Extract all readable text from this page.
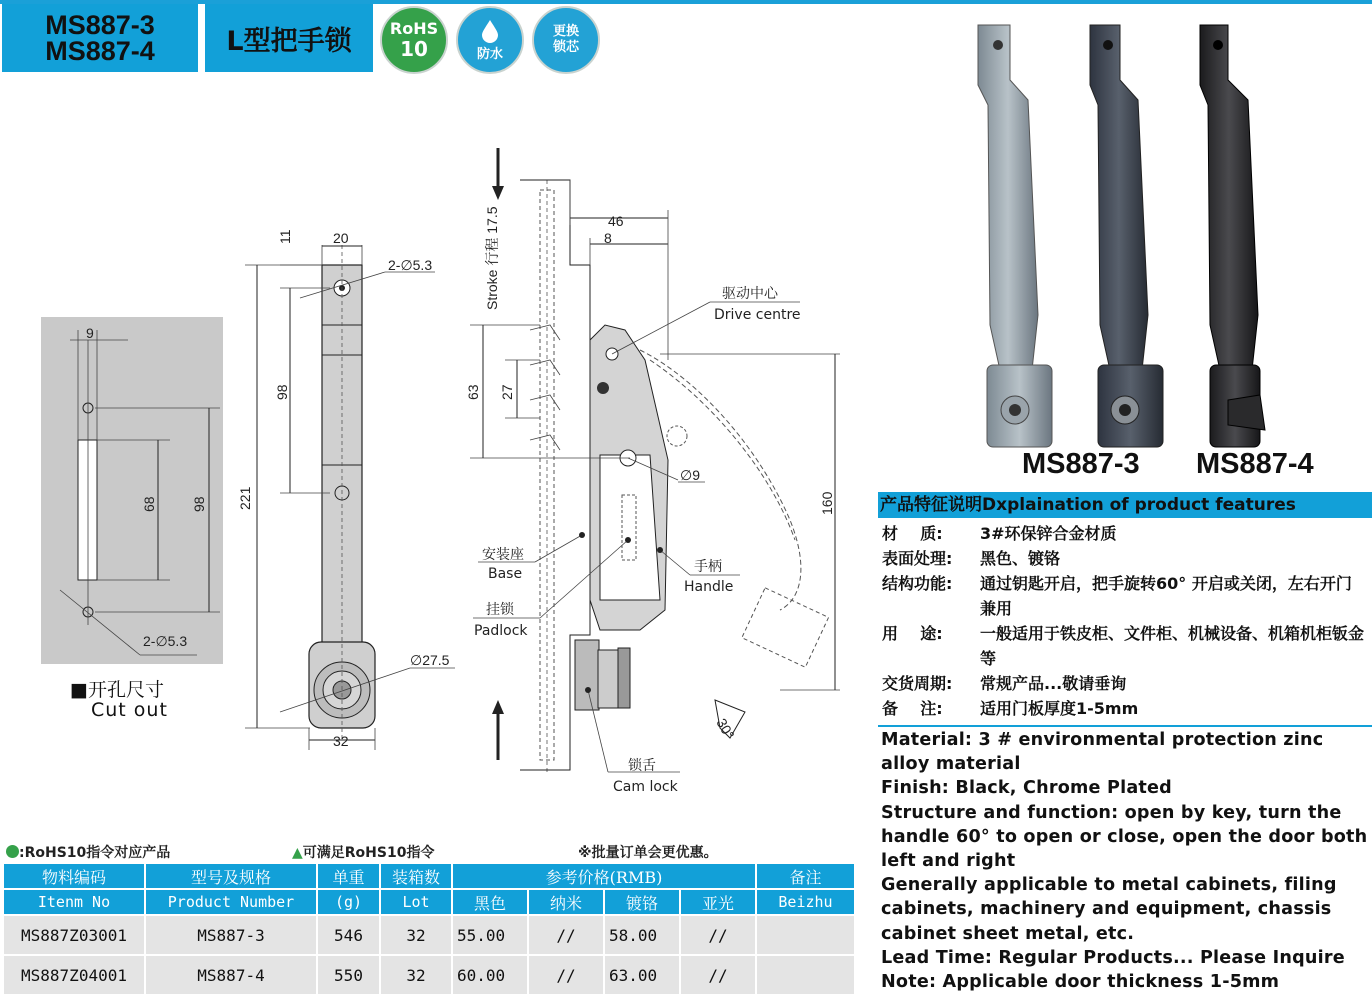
MS887-3
MS887-4	L型把手锁 RoHS
10	防水
更换
锁芯
9
68 98
2-∅5.3
11	20
2-∅5.3
98
221
∅27.5
32
46
8
63 27
Stroke 行程 17.5
160
∅9
30°
驱动中心
Drive centre
安装座
Base
挂锁
Padlock
手柄
Handle
锁舌
Cam lock
■开孔尺寸
Cut out
MS887-3 MS887-4
产品特征说明Dxplaination of product features
材    质:	3#环保锌合金材质
表面处理:	黑色、镀铬
结构功能:	通过钥匙开启，把手旋转60° 开启或关闭，左右开门兼用
用    途:	一般适用于铁皮柜、文件柜、机械设备、机箱机柜钣金等
交货周期:	常规产品...敬请垂询
备    注:	适用门板厚度1-5mm

Material: 3 # environmental protection zinc alloy material

Finish: Black, Chrome Plated

Structure and function: open by key, turn the handle 60° to open or close, open the door both left and right

Generally applicable to metal cabinets, filing cabinets, machinery and equipment, chassis cabinet sheet metal, etc.

Lead Time: Regular Products... Please Inquire

Note: Applicable door thickness 1-5mm

:RoHS10指令对应产品	▲可满足RoHS10指令	※批量订单会更优惠。
物料编码	型号及规格	单重	装箱数	参考价格(RMB)				备注
Itenm No	Product Number	(g)	Lot	黑色	纳米	镀铬	亚光	Beizhu
MS887Z03001	MS887-3	546	32	55.00	//	58.00	//	
MS887Z04001	MS887-4	550	32	60.00	//	63.00	//	
